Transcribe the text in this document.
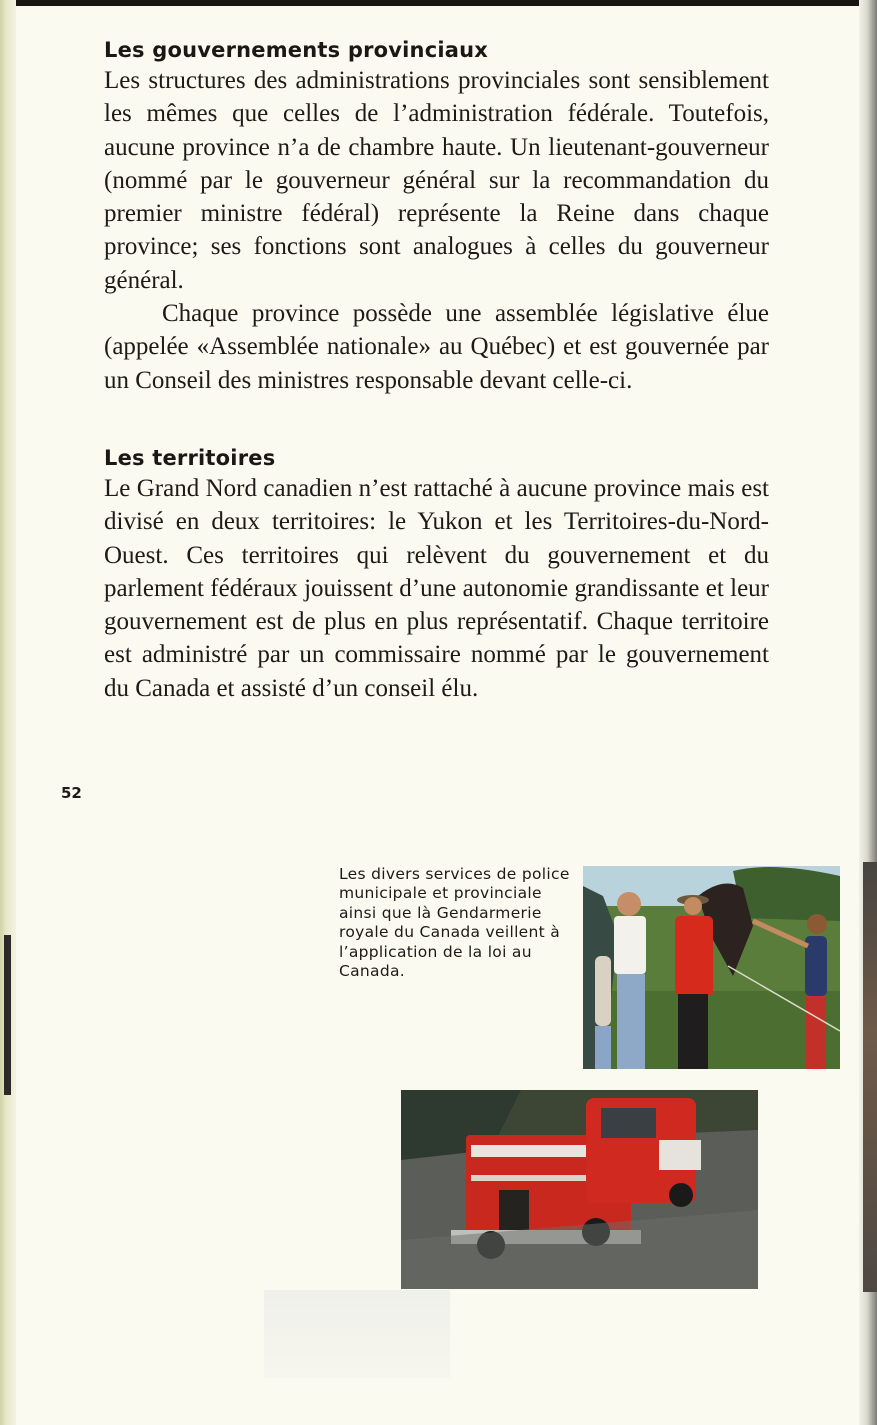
Les gouvernements provinciaux

Les structures des administrations provinciales sont sensiblement les mêmes que celles de l’administration fédérale. Toutefois, aucune province n’a de chambre haute. Un lieutenant-gouverneur (nommé par le gouverneur général sur la recommandation du premier ministre fédéral) représente la Reine dans chaque province; ses fonctions sont analogues à celles du gouverneur général.

Chaque province possède une assemblée législative élue (appelée «Assemblée nationale» au Québec) et est gouvernée par un Conseil des ministres responsable devant celle-ci.

Les territoires

Le Grand Nord canadien n’est rattaché à aucune province mais est divisé en deux territoires: le Yukon et les Territoires-du-Nord-Ouest. Ces territoires qui relèvent du gouvernement et du parlement fédéraux jouissent d’une autonomie grandissante et leur gouvernement est de plus en plus représentatif. Chaque territoire est administré par un commissaire nommé par le gouvernement du Canada et assisté d’un conseil élu.

52
Les divers services de police municipale et provinciale ainsi que là Gendarmerie royale du Canada veillent à l’application de la loi au Canada.
